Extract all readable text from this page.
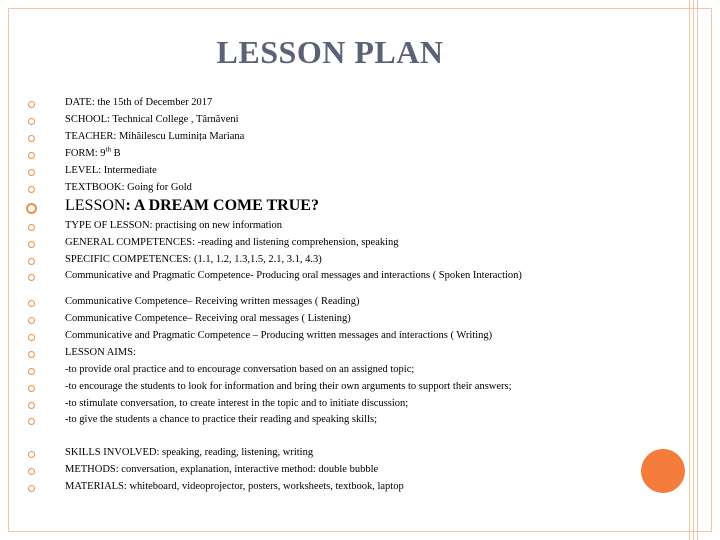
LESSON PLAN
DATE: the 15th of December 2017
SCHOOL: Technical College , Târnăveni
TEACHER: Mihăilescu Luminița Mariana
FORM: 9th B
LEVEL: Intermediate
TEXTBOOK: Going for Gold
LESSON: A DREAM COME TRUE?
TYPE OF LESSON: practising on new information
GENERAL COMPETENCES: -reading and listening comprehension, speaking
SPECIFIC COMPETENCES: (1.1, 1.2, 1.3,1.5, 2.1, 3.1, 4.3)
Communicative and Pragmatic Competence- Producing oral messages and interactions ( Spoken Interaction)
Communicative Competence– Receiving written messages ( Reading)
Communicative Competence– Receiving oral messages ( Listening)
Communicative and Pragmatic Competence – Producing written messages and interactions ( Writing)
LESSON AIMS:
-to provide oral practice and to encourage conversation based on an assigned topic;
-to encourage the students to look for information and bring their own arguments to support their answers;
-to stimulate conversation, to create interest in the topic and to initiate discussion;
-to give the students a chance to practice their reading and speaking skills;
SKILLS INVOLVED: speaking, reading, listening, writing
METHODS: conversation, explanation, interactive method: double bubble
MATERIALS: whiteboard, videoprojector, posters, worksheets, textbook, laptop
